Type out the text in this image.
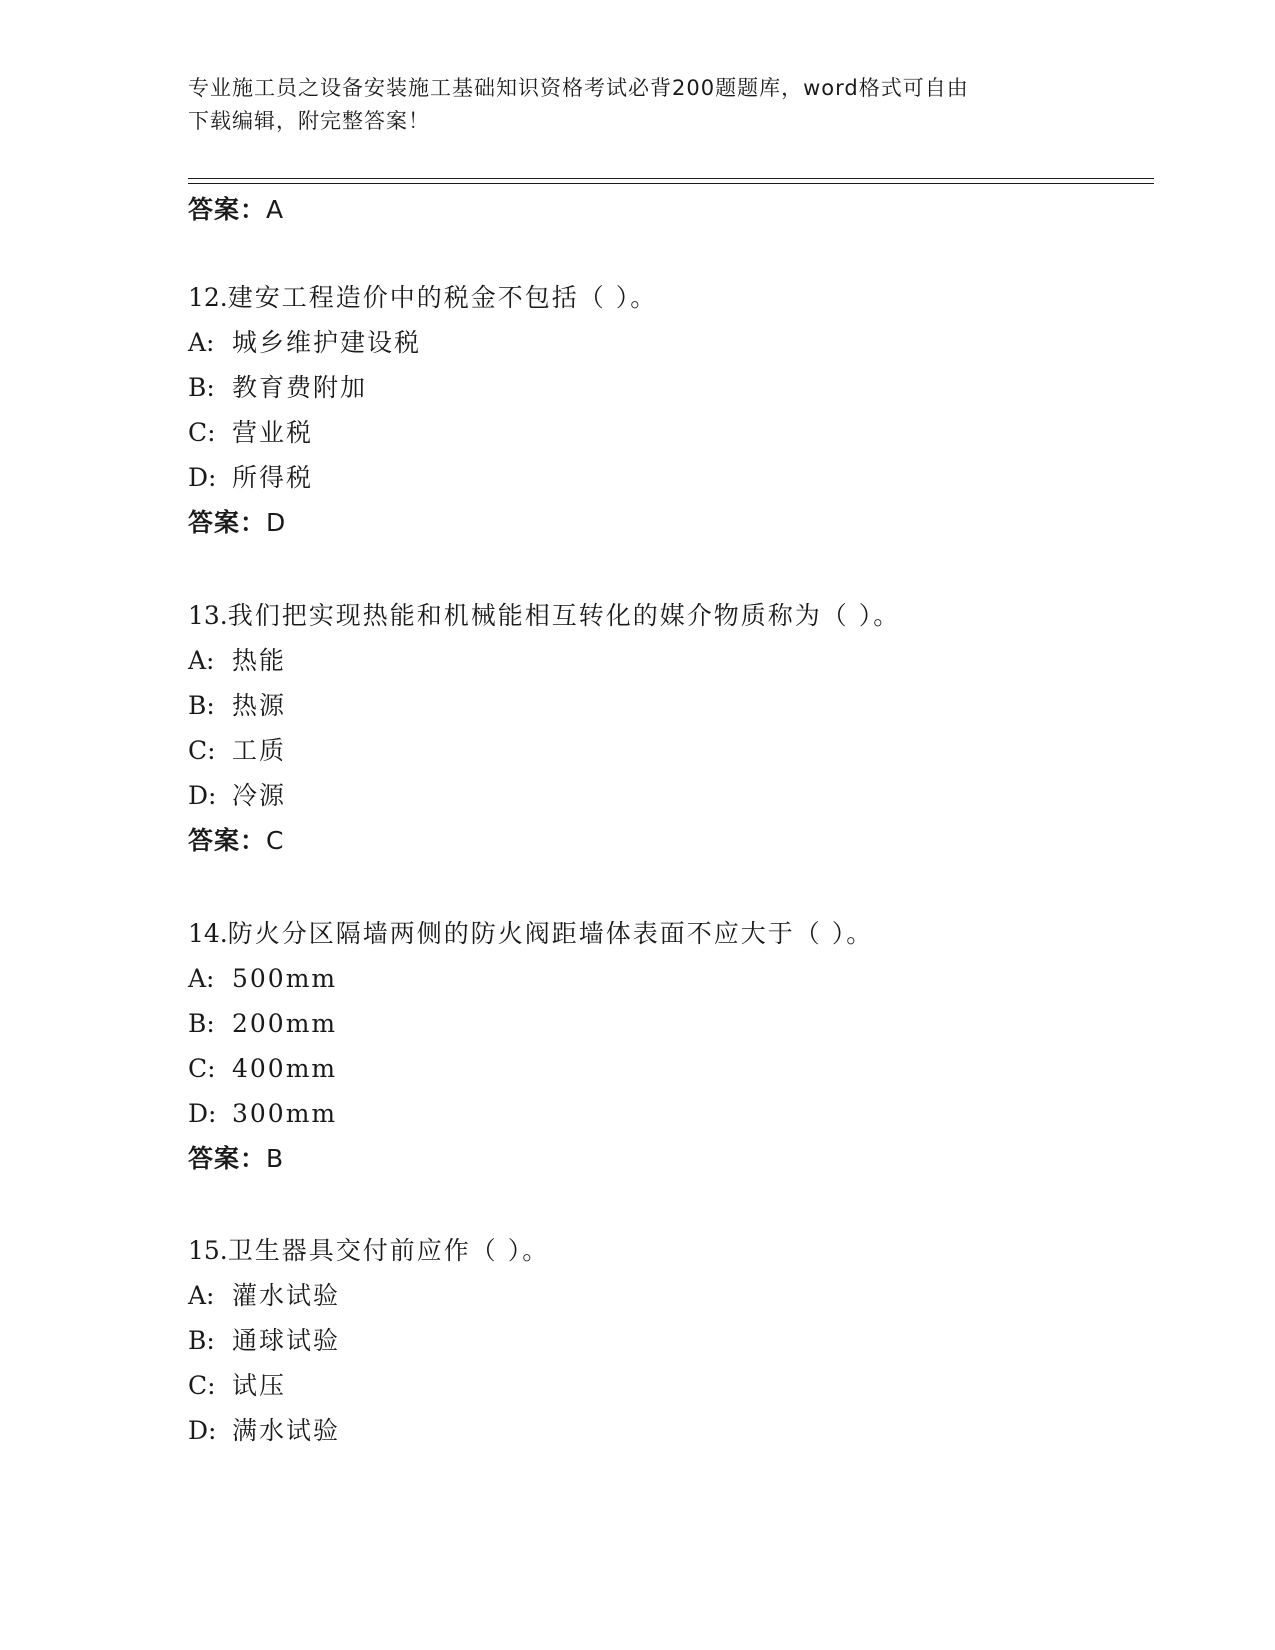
专业施工员之设备安装施工基础知识资格考试必背200题题库，word格式可自由
下载编辑，附完整答案！
答案：A
12.建安工程造价中的税金不包括（ ）。
A: 城乡维护建设税
B: 教育费附加
C: 营业税
D: 所得税
答案：D
13.我们把实现热能和机械能相互转化的媒介物质称为（ ）。
A: 热能
B: 热源
C: 工质
D: 冷源
答案：C
14.防火分区隔墙两侧的防火阀距墙体表面不应大于（ ）。
A: 500mm
B: 200mm
C: 400mm
D: 300mm
答案：B
15.卫生器具交付前应作（ ）。
A: 灌水试验
B: 通球试验
C: 试压
D: 满水试验
